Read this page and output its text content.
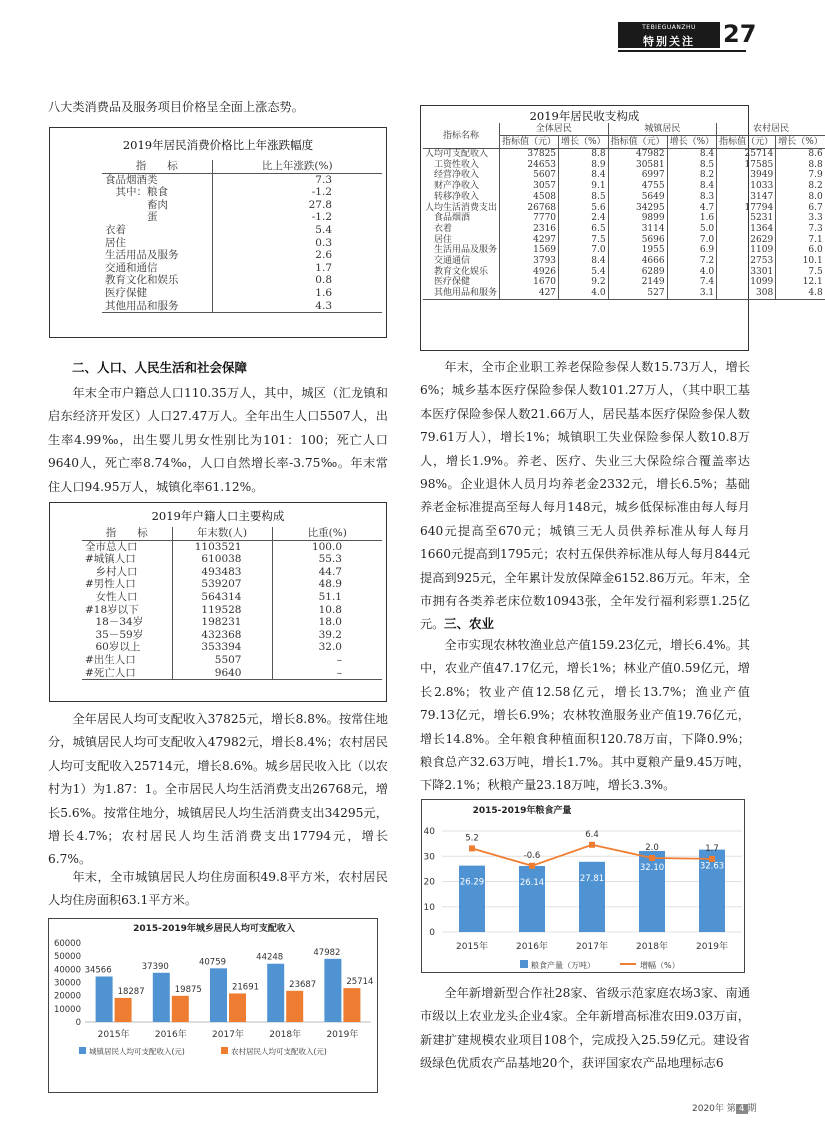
TEBIEGUANZHU
特别关注	27
八大类消费品及服务项目价格呈全面上涨态势。
2019年居民消费价格比上年涨跌幅度
指　　标	比上年涨跌(%)
食品烟酒类	7.3
　其中：粮食	-1.2
　　　　畜肉	27.8
　　　　蛋	-1.2
衣着	5.4
居住	0.3
生活用品及服务	2.6
交通和通信	1.7
教育文化和娱乐	0.8
医疗保健	1.6
其他用品和服务	4.3
二、人口、人民生活和社会保障
年末全市户籍总人口110.35万人，其中，城区（汇龙镇和启东经济开发区）人口27.47万人。全年出生人口5507人，出生率4.99‰，出生婴儿男女性别比为101：100；死亡人口9640人，死亡率8.74‰，人口自然增长率-3.75‰。年末常住人口94.95万人，城镇化率61.12%。
2019年户籍人口主要构成
指　　标	年末数(人)	比重(%)
全市总人口	1103521	100.0
#城镇人口	610038	55.3
　乡村人口	493483	44.7
#男性人口	539207	48.9
　女性人口	564314	51.1
#18岁以下	119528	10.8
　18－34岁	198231	18.0
　35－59岁	432368	39.2
　60岁以上	353394	32.0
#出生人口	5507	–
#死亡人口	9640	–
全年居民人均可支配收入37825元，增长8.8%。按常住地分，城镇居民人均可支配收入47982元，增长8.4%；农村居民人均可支配收入25714元，增长8.6%。城乡居民收入比（以农村为1）为1.87：1。全市居民人均生活消费支出26768元，增长5.6%。按常住地分，城镇居民人均生活消费支出34295元，增长4.7%；农村居民人均生活消费支出17794元，增长6.7%。
年末，全市城镇居民人均住房面积49.8平方米，农村居民人均住房面积63.1平方米。
2015-2019年城乡居民人均可支配收入
0
10000
20000
30000
40000
50000
60000
34566
18287
2015年
37390
19875
2016年
40759
21691
2017年
44248
23687
2018年
47982
25714
2019年
城镇居民人均可支配收入(元)	农村居民人均可支配收入(元)
2019年居民收支构成
指标名称	全体居民		城镇居民		农村居民	
	指标值（元）	增长（%）	指标值（元）	增长（%）	指标值（元）	增长（%）
人均可支配收入	37825	8.8	47982	8.4	25714	8.6
　工资性收入	24653	8.9	30581	8.5	17585	8.8
　经营净收入	5607	8.4	6997	8.2	3949	7.9
　财产净收入	3057	9.1	4755	8.4	1033	8.2
　转移净收入	4508	8.5	5649	8.3	3147	8.0
人均生活消费支出	26768	5.6	34295	4.7	17794	6.7
　食品烟酒	7770	2.4	9899	1.6	5231	3.3
　衣着	2316	6.5	3114	5.0	1364	7.3
　居住	4297	7.5	5696	7.0	2629	7.1
　生活用品及服务	1569	7.0	1955	6.9	1109	6.0
　交通通信	3793	8.4	4666	7.2	2753	10.1
　教育文化娱乐	4926	5.4	6289	4.0	3301	7.5
　医疗保健	1670	9.2	2149	7.4	1099	12.1
　其他用品和服务	427	4.0	527	3.1	308	4.8
年末，全市企业职工养老保险参保人数15.73万人，增长6%；城乡基本医疗保险参保人数101.27万人，（其中职工基本医疗保险参保人数21.66万人，居民基本医疗保险参保人数79.61万人），增长1%；城镇职工失业保险参保人数10.8万人，增长1.9%。养老、医疗、失业三大保险综合覆盖率达98%。企业退休人员月均养老金2332元，增长6.5%；基础养老金标准提高至每人每月148元，城乡低保标准由每人每月640元提高至670元；城镇三无人员供养标准从每人每月1660元提高到1795元；农村五保供养标准从每人每月844元提高到925元，全年累计发放保障金6152.86万元。年末，全市拥有各类养老床位数10943张，全年发行福利彩票1.25亿元。 三、农业
全市实现农林牧渔业总产值159.23亿元，增长6.4%。其中，农业产值47.17亿元，增长1%；林业产值0.59亿元，增长2.8%；牧业产值12.58亿元，增长13.7%；渔业产值79.13亿元，增长6.9%；农林牧渔服务业产值19.76亿元，增长14.8%。全年粮食种植面积120.78万亩，下降0.9%；粮食总产32.63万吨，增长1.7%。其中夏粮产量9.45万吨，下降2.1%；秋粮产量23.18万吨，增长3.3%。
2015-2019年粮食产量
0
10
20
30
40
26.29
2015年
26.14
2016年
27.81
2017年
32.10
2018年
32.63
2019年
5.2
-0.6
6.4
2.0	1.7
粮食产量（万吨）	增幅（%）
全年新增新型合作社28家、省级示范家庭农场3家、南通市级以上农业龙头企业4家。全年新增高标准农田9.03万亩，新建扩建规模农业项目108个，完成投入25.59亿元。建设省级绿色优质农产品基地20个，获评国家农产品地理标志6
2020年 第 4 期
